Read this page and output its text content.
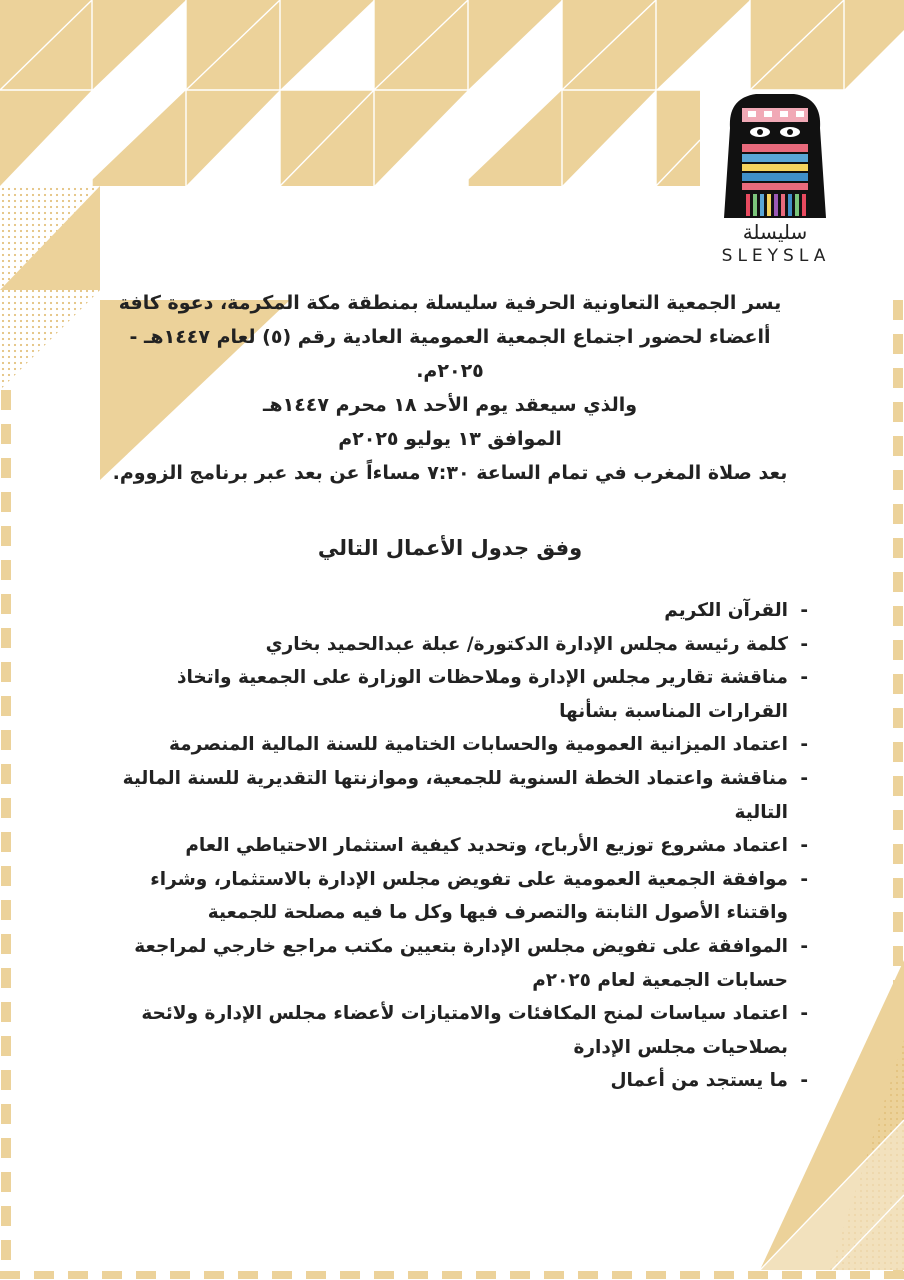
سليسلة
SLEYSLA

يسر الجمعية التعاونية الحرفية سليسلة بمنطقة مكة المكرمة، دعوة كافة أاعضاء لحضور اجتماع الجمعية العمومية العادية رقم (٥) لعام ١٤٤٧هـ - ٢٠٢٥م.

والذي سيعقد يوم الأحد ١٨ محرم ١٤٤٧هـ

الموافق ١٣ يوليو ٢٠٢٥م

بعد صلاة المغرب في تمام الساعة ٧:٣٠ مساءاً عن بعد عبر برنامج الزووم.

وفق جدول الأعمال التالي
-
القرآن الكريم
-
كلمة رئيسة مجلس الإدارة الدكتورة/ عبلة عبدالحميد بخاري
-
مناقشة تقارير مجلس الإدارة وملاحظات الوزارة على الجمعية واتخاذ القرارات المناسبة بشأنها
-
اعتماد الميزانية العمومية والحسابات الختامية للسنة المالية المنصرمة
-
مناقشة واعتماد الخطة السنوية للجمعية، وموازنتها التقديرية للسنة المالية التالية
-
اعتماد مشروع توزيع الأرباح، وتحديد كيفية استثمار الاحتياطي العام
-
موافقة الجمعية العمومية على تفويض مجلس الإدارة بالاستثمار، وشراء واقتناء الأصول الثابتة والتصرف فيها وكل ما فيه مصلحة للجمعية
-
الموافقة على تفويض مجلس الإدارة بتعيين مكتب مراجع خارجي لمراجعة حسابات الجمعية لعام ٢٠٢٥م
-
اعتماد سياسات لمنح المكافئات والامتيازات لأعضاء مجلس الإدارة ولائحة بصلاحيات مجلس الإدارة
-
ما يستجد من أعمال
